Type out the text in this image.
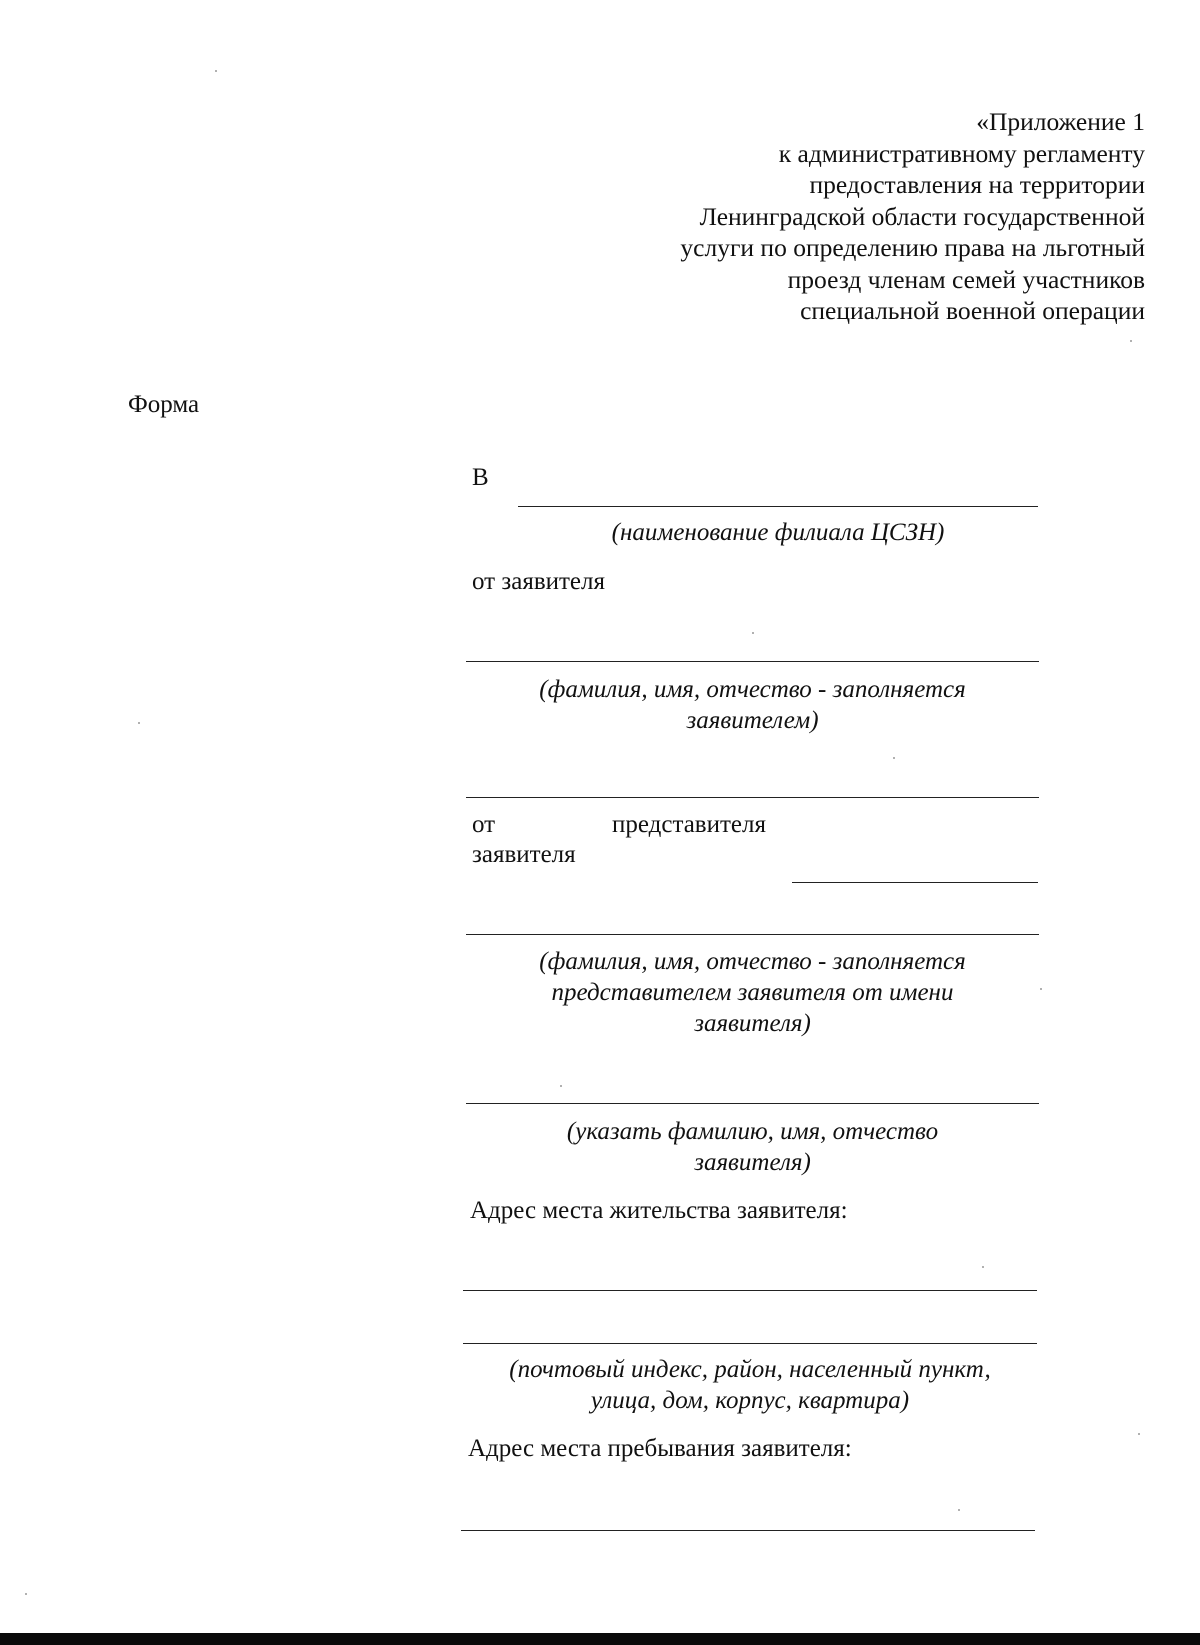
«Приложение 1
к административному регламенту
предоставления на территории
Ленинградской области государственной
услуги по определению права на льготный
проезд членам семей участников
специальной военной операции
Форма
В
(наименование филиала ЦСЗН)
от заявителя
(фамилия, имя, отчество - заполняется
заявителем)
от	представителя
заявителя
(фамилия, имя, отчество - заполняется
представителем заявителя от имени
заявителя)
(указать фамилию, имя, отчество
заявителя)
Адрес места жительства заявителя:
(почтовый индекс, район, населенный пункт,
улица, дом, корпус, квартира)
Адрес места пребывания заявителя:
